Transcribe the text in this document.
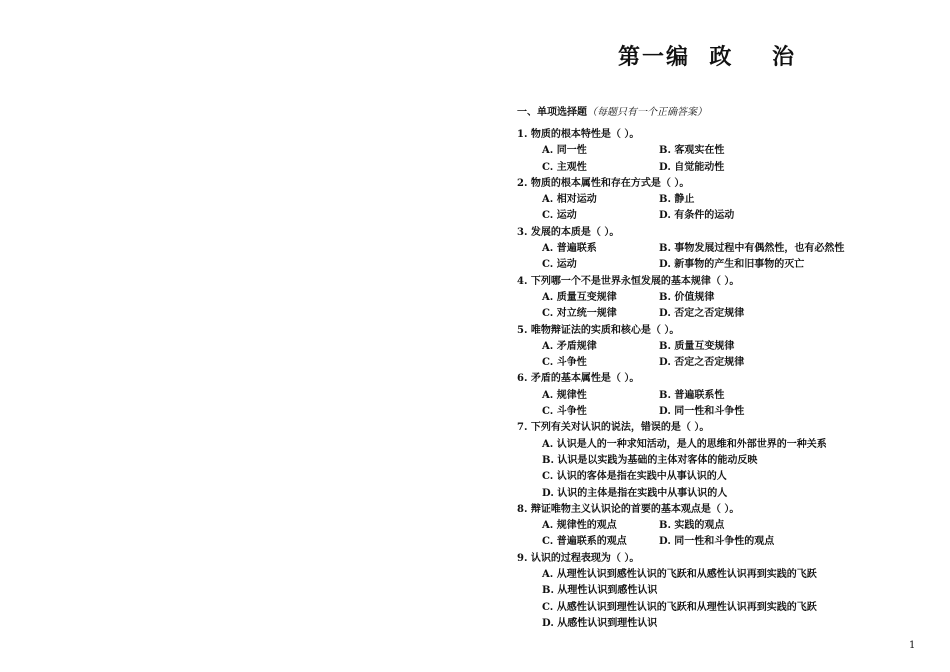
第一编  政    治
一、单项选择题（每题只有一个正确答案）
1. 物质的根本特性是（ ）。
A. 同一性	B. 客观实在性
C. 主观性	D. 自觉能动性
2. 物质的根本属性和存在方式是（ ）。
A. 相对运动	B. 静止
C. 运动	D. 有条件的运动
3. 发展的本质是（ ）。
A. 普遍联系	B. 事物发展过程中有偶然性，也有必然性
C. 运动	D. 新事物的产生和旧事物的灭亡
4. 下列哪一个不是世界永恒发展的基本规律（ ）。
A. 质量互变规律	B. 价值规律
C. 对立统一规律	D. 否定之否定规律
5. 唯物辩证法的实质和核心是（ ）。
A. 矛盾规律	B. 质量互变规律
C. 斗争性	D. 否定之否定规律
6. 矛盾的基本属性是（ ）。
A. 规律性	B. 普遍联系性
C. 斗争性	D. 同一性和斗争性
7. 下列有关对认识的说法，错误的是（ ）。
A. 认识是人的一种求知活动，是人的思维和外部世界的一种关系
B. 认识是以实践为基础的主体对客体的能动反映
C. 认识的客体是指在实践中从事认识的人
D. 认识的主体是指在实践中从事认识的人
8. 辩证唯物主义认识论的首要的基本观点是（ ）。
A. 规律性的观点	B. 实践的观点
C. 普遍联系的观点	D. 同一性和斗争性的观点
9. 认识的过程表现为（ ）。
A. 从理性认识到感性认识的飞跃和从感性认识再到实践的飞跃
B. 从理性认识到感性认识
C. 从感性认识到理性认识的飞跃和从理性认识再到实践的飞跃
D. 从感性认识到理性认识
1
